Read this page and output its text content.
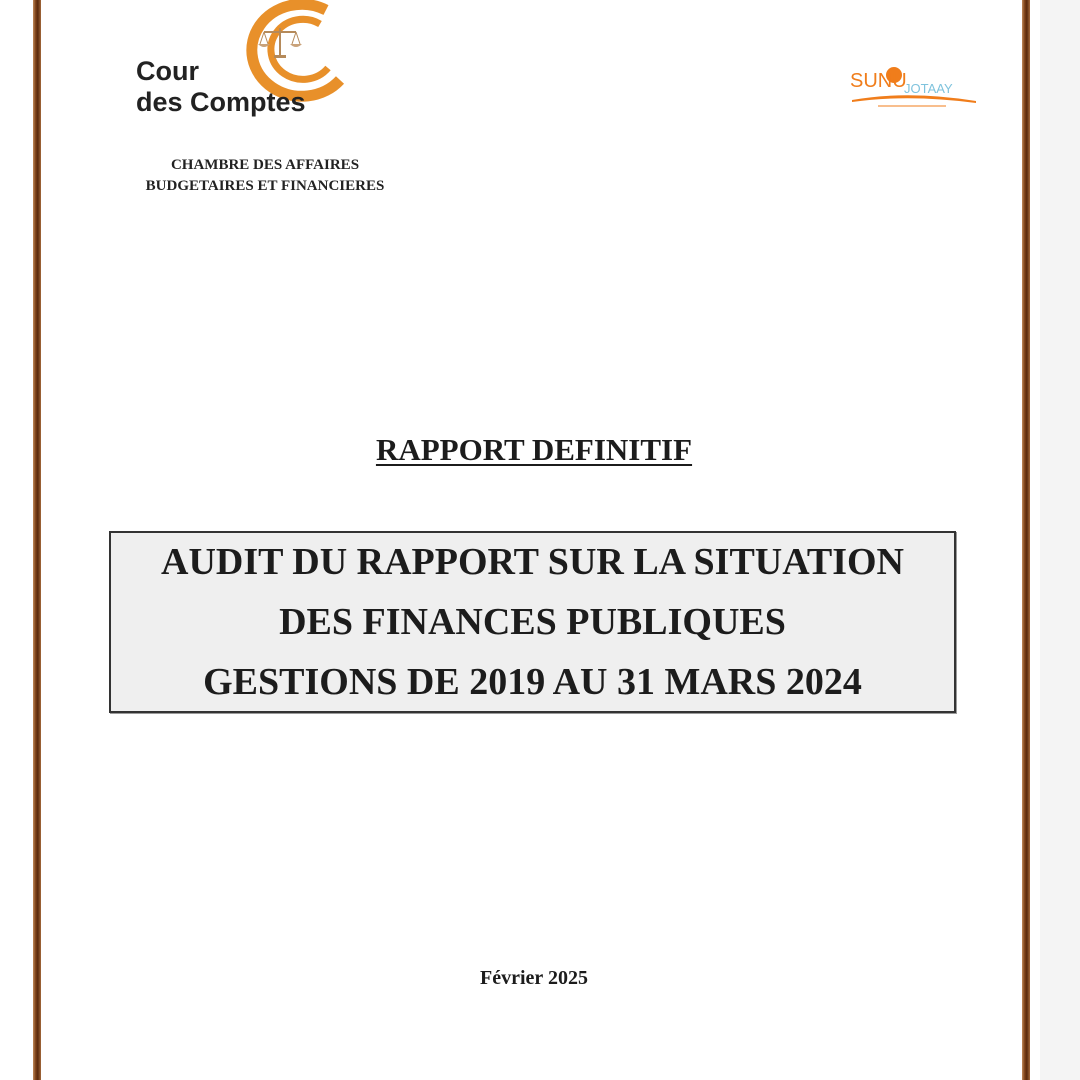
Cour
des Comptes
CHAMBRE DES AFFAIRES
BUDGETAIRES ET FINANCIERES
SUNU
JOTAAY
RAPPORT DEFINITIF
AUDIT DU RAPPORT SUR LA SITUATION
DES FINANCES PUBLIQUES
GESTIONS DE 2019 AU 31 MARS 2024
Février 2025
